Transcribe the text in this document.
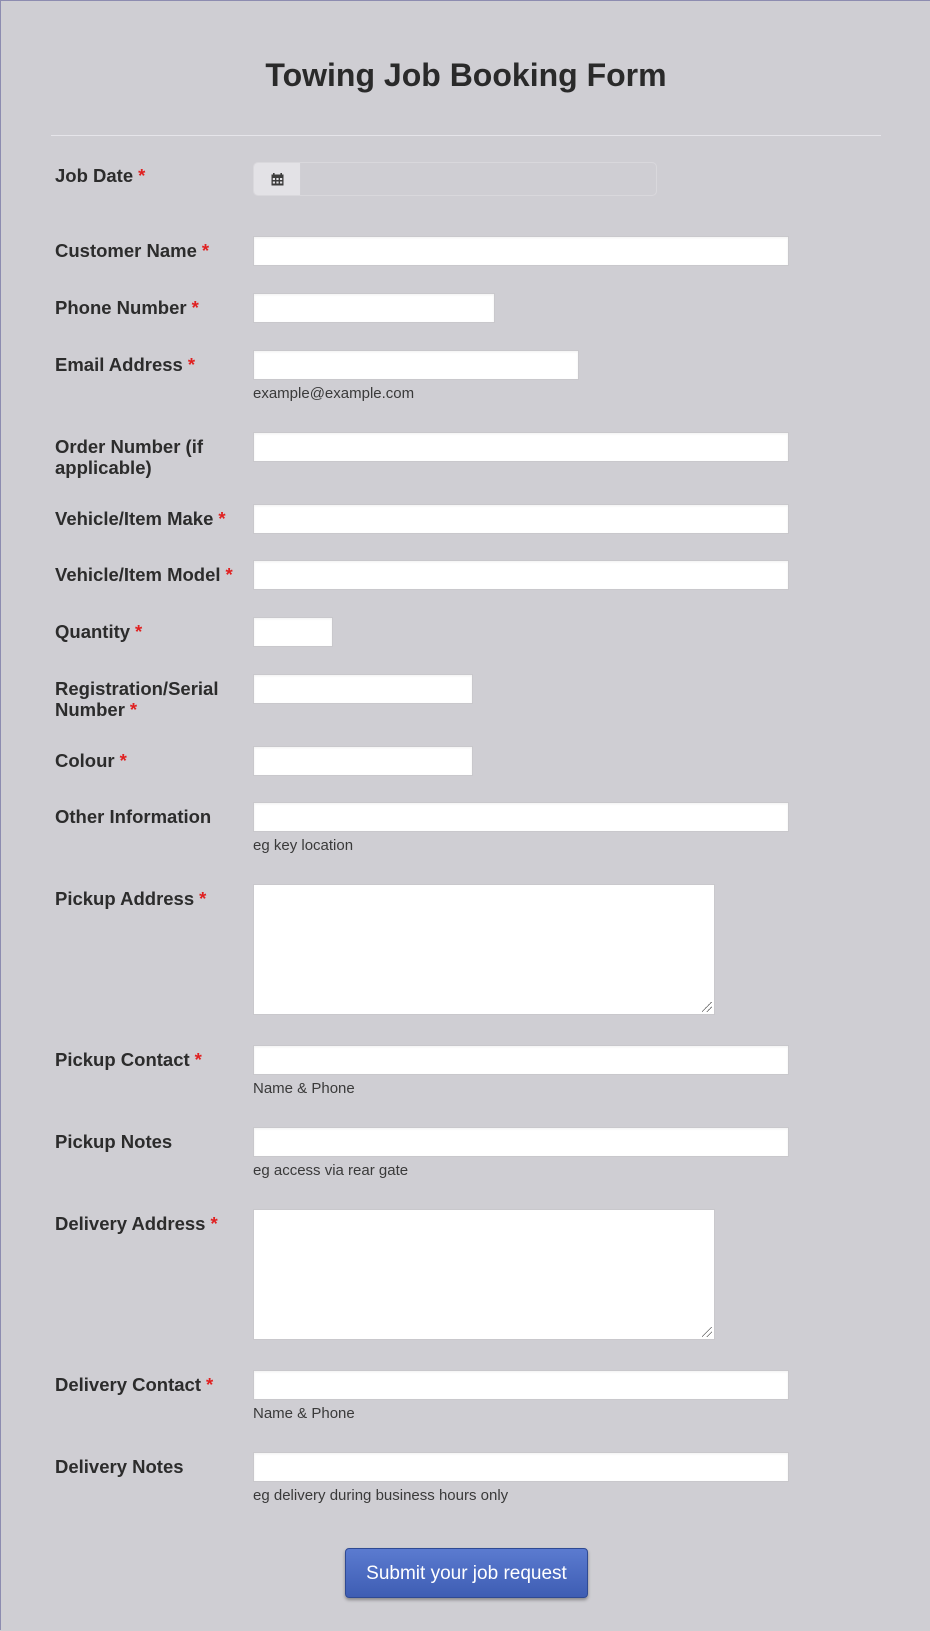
Towing Job Booking Form
Job Date *
Customer Name *
Phone Number *
Email Address *
example@example.com
Order Number (if applicable)
Vehicle/Item Make *
Vehicle/Item Model *
Quantity *
Registration/Serial Number *
Colour *
Other Information
eg key location
Pickup Address *
Pickup Contact *
Name & Phone
Pickup Notes
eg access via rear gate
Delivery Address *
Delivery Contact *
Name & Phone
Delivery Notes
eg delivery during business hours only
Submit your job request
